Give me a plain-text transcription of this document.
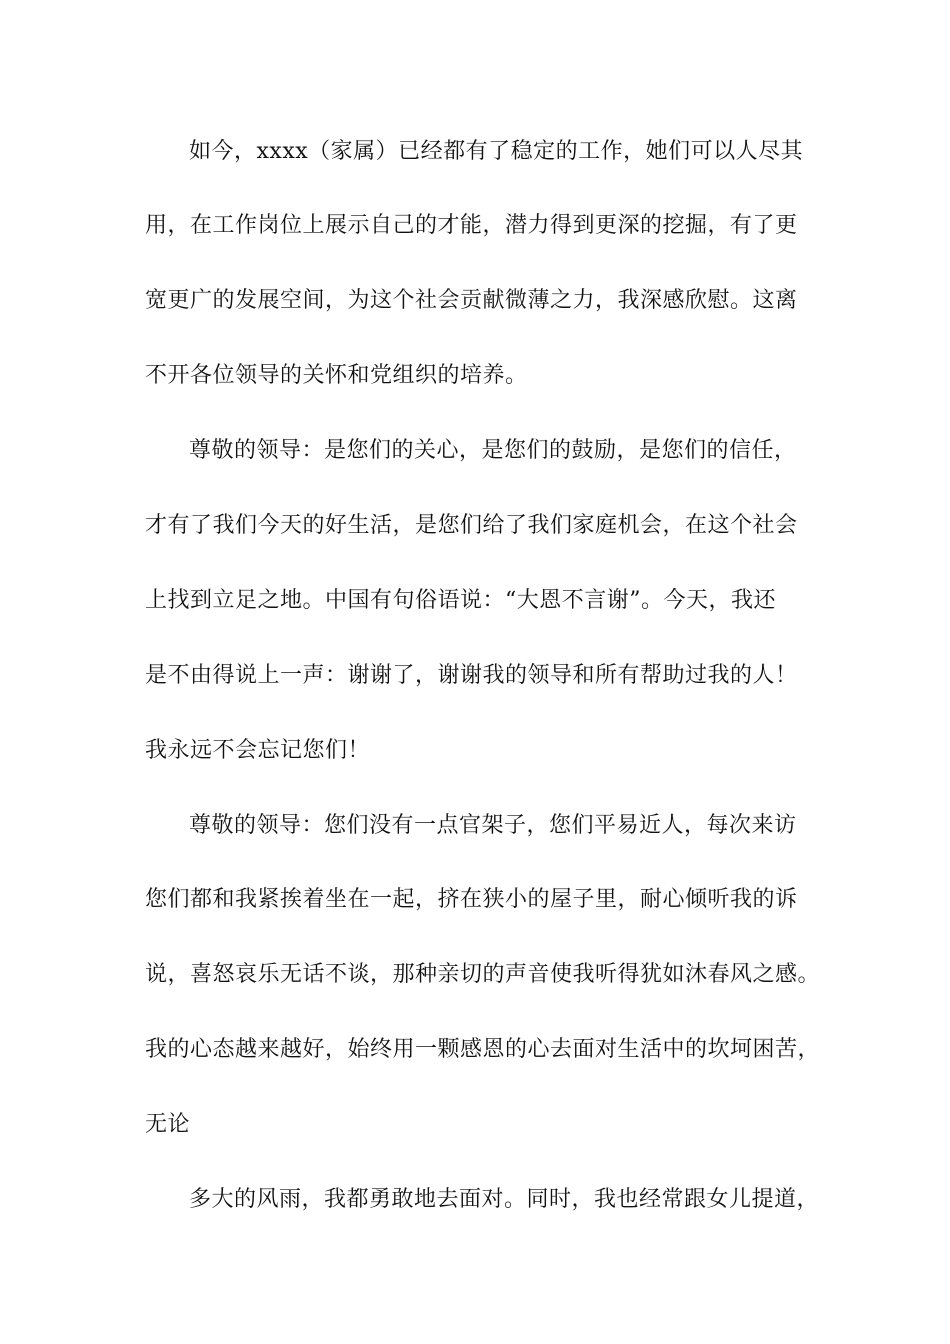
如今，xxxx（家属）已经都有了稳定的工作，她们可以人尽其
用，在工作岗位上展示自己的才能，潜力得到更深的挖掘，有了更
宽更广的发展空间，为这个社会贡献微薄之力，我深感欣慰。这离
不开各位领导的关怀和党组织的培养。
尊敬的领导：是您们的关心，是您们的鼓励，是您们的信任，
才有了我们今天的好生活，是您们给了我们家庭机会，在这个社会
上找到立足之地。中国有句俗语说：“大恩不言谢”。今天，我还
是不由得说上一声：谢谢了，谢谢我的领导和所有帮助过我的人！
我永远不会忘记您们！
尊敬的领导：您们没有一点官架子，您们平易近人，每次来访
您们都和我紧挨着坐在一起，挤在狭小的屋子里，耐心倾听我的诉
说，喜怒哀乐无话不谈，那种亲切的声音使我听得犹如沐春风之感。
我的心态越来越好，始终用一颗感恩的心去面对生活中的坎坷困苦，
无论
多大的风雨，我都勇敢地去面对。同时，我也经常跟女儿提道，
